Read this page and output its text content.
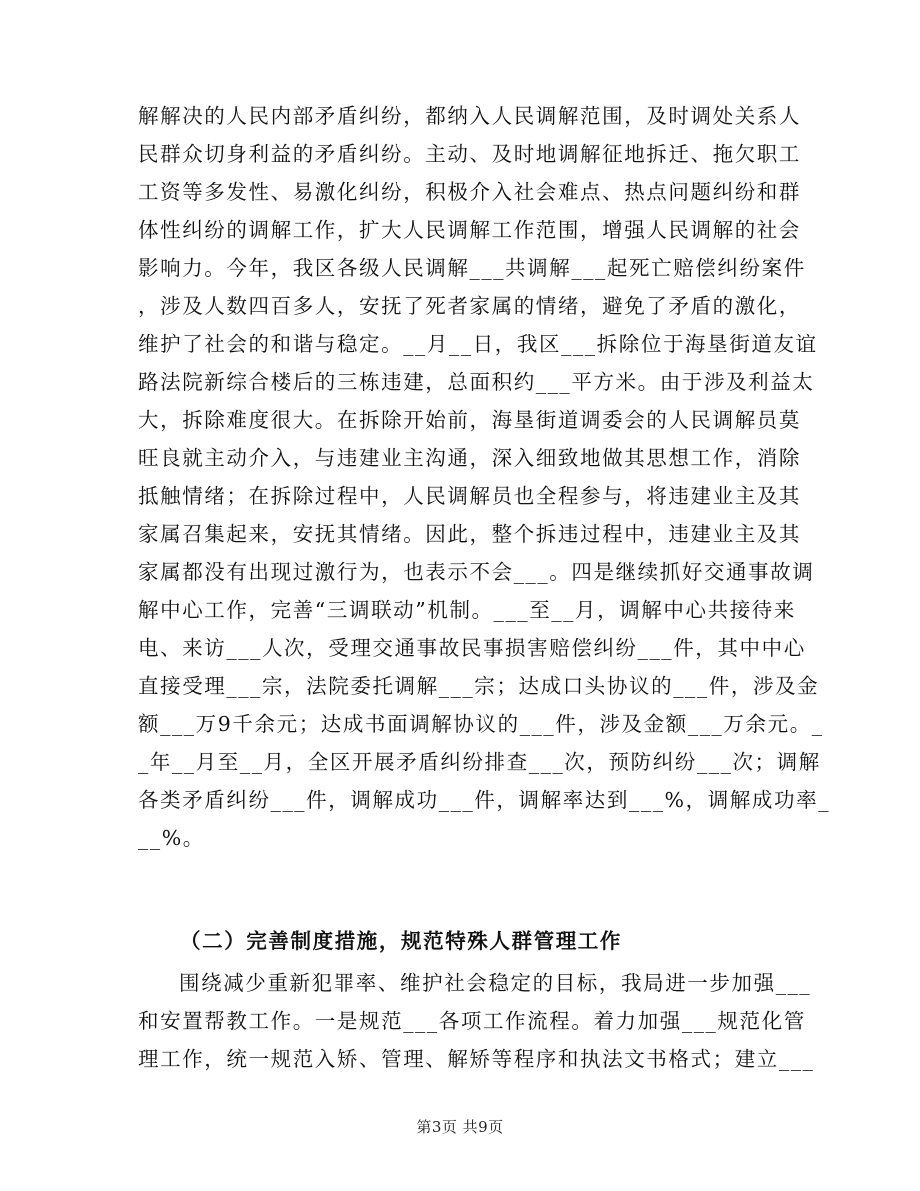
解解决的人民内部矛盾纠纷，都纳入人民调解范围，及时调处关系人
民群众切身利益的矛盾纠纷。主动、及时地调解征地拆迁、拖欠职工
工资等多发性、易激化纠纷，积极介入社会难点、热点问题纠纷和群
体性纠纷的调解工作，扩大人民调解工作范围，增强人民调解的社会
影响力。今年，我区各级人民调解___共调解___起死亡赔偿纠纷案件
，涉及人数四百多人，安抚了死者家属的情绪，避免了矛盾的激化，
维护了社会的和谐与稳定。__月__日，我区___拆除位于海垦街道友谊
路法院新综合楼后的三栋违建，总面积约___平方米。由于涉及利益太
大，拆除难度很大。在拆除开始前，海垦街道调委会的人民调解员莫
旺良就主动介入，与违建业主沟通，深入细致地做其思想工作，消除
抵触情绪；在拆除过程中，人民调解员也全程参与，将违建业主及其
家属召集起来，安抚其情绪。因此，整个拆违过程中，违建业主及其
家属都没有出现过激行为，也表示不会___。四是继续抓好交通事故调
解中心工作，完善“三调联动”机制。___至__月，调解中心共接待来
电、来访___人次，受理交通事故民事损害赔偿纠纷___件，其中中心
直接受理___宗，法院委托调解___宗；达成口头协议的___件，涉及金
额___万9千余元；达成书面调解协议的___件，涉及金额___万余元。_
_年__月至__月，全区开展矛盾纠纷排查___次，预防纠纷___次；调解
各类矛盾纠纷___件，调解成功___件，调解率达到___%，调解成功率_
__%。
（二）完善制度措施，规范特殊人群管理工作
围绕减少重新犯罪率、维护社会稳定的目标，我局进一步加强___
和安置帮教工作。一是规范___各项工作流程。着力加强___规范化管
理工作，统一规范入矫、管理、解矫等程序和执法文书格式；建立___
第3页 共9页
